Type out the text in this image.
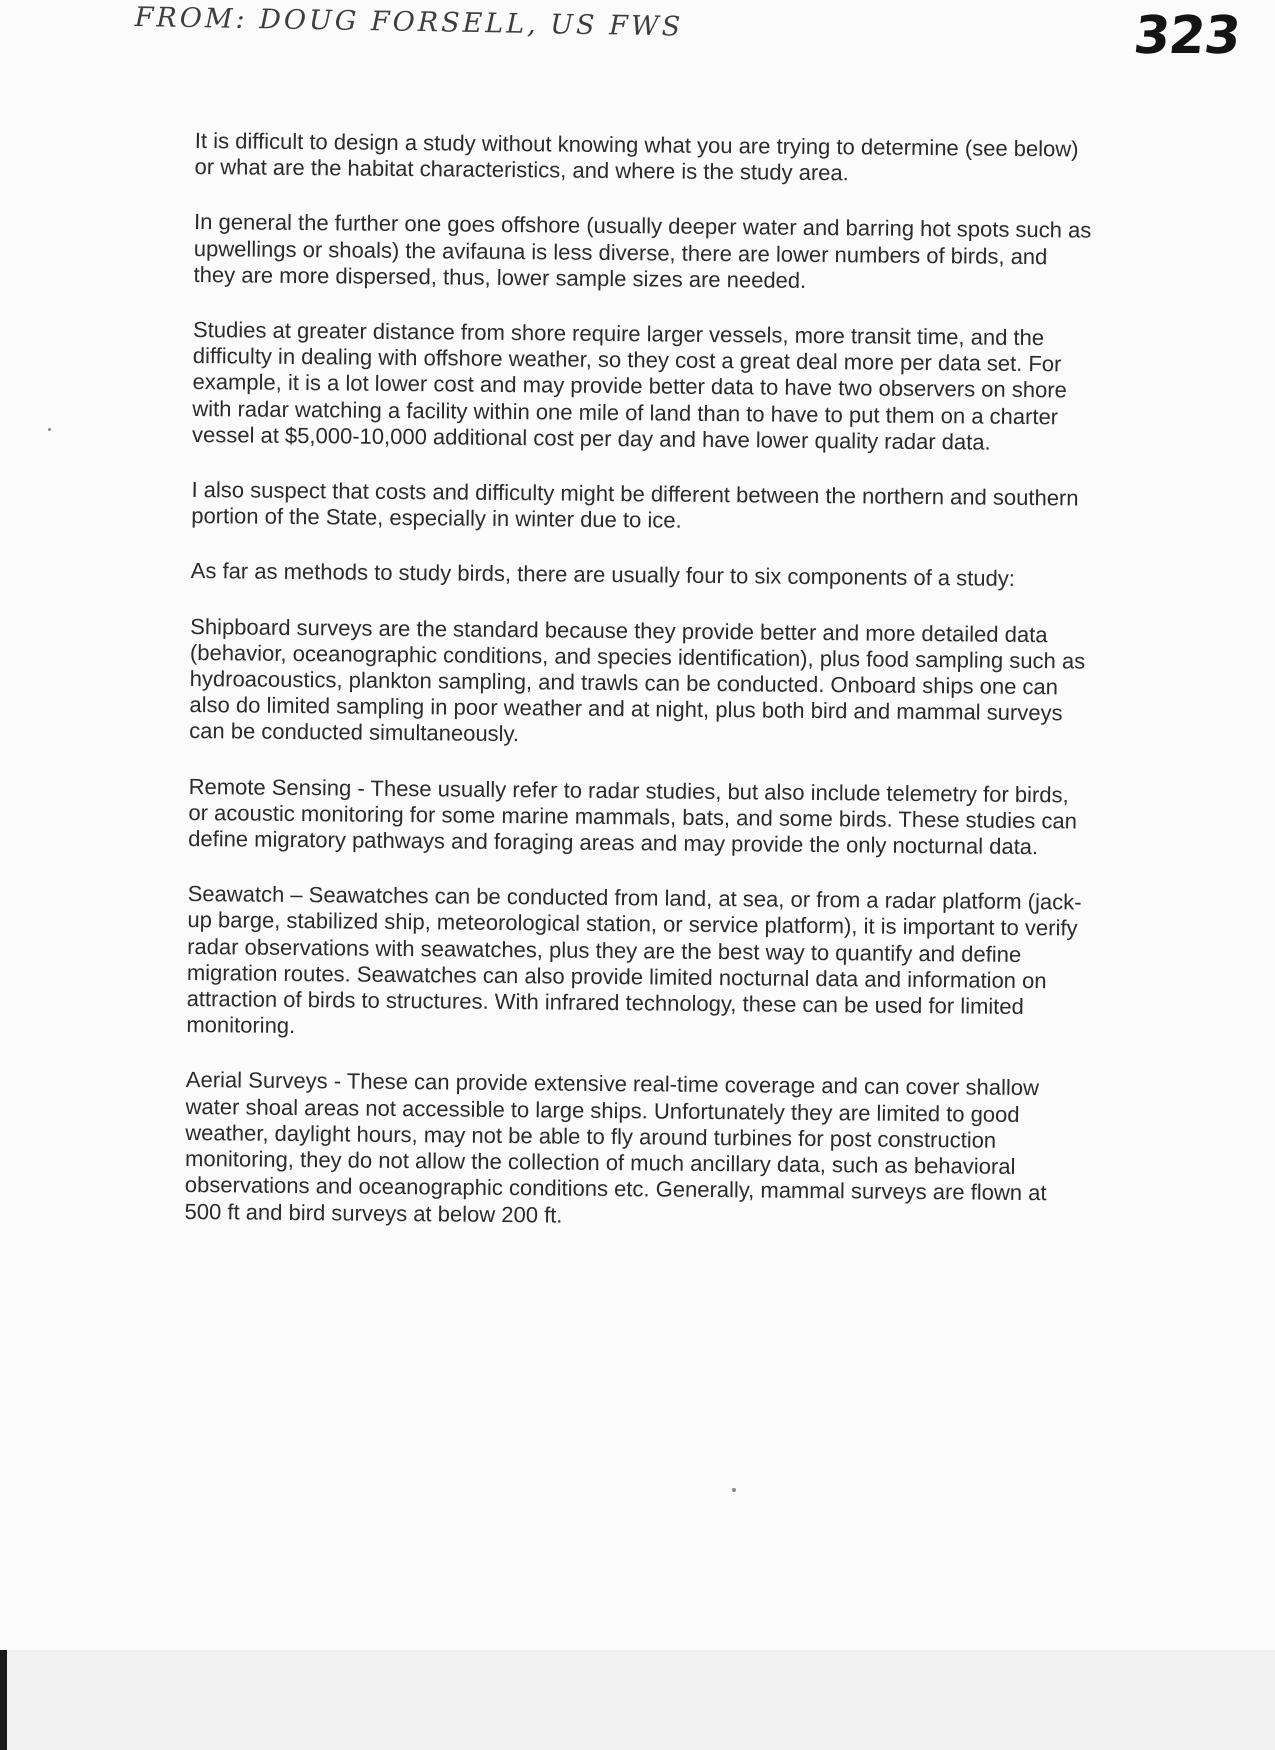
FROM: DOUG FORSELL, US FWS	323

It is difficult to design a study without knowing what you are trying to determine (see below) or what are the habitat characteristics, and where is the study area.

In general the further one goes offshore (usually deeper water and barring hot spots such as upwellings or shoals) the avifauna is less diverse, there are lower numbers of birds, and they are more dispersed, thus, lower sample sizes are needed.

Studies at greater distance from shore require larger vessels, more transit time, and the difficulty in dealing with offshore weather, so they cost a great deal more per data set. For example, it is a lot lower cost and may provide better data to have two observers on shore with radar watching a facility within one mile of land than to have to put them on a charter vessel at $5,000-10,000 additional cost per day and have lower quality radar data.

I also suspect that costs and difficulty might be different between the northern and southern portion of the State, especially in winter due to ice.

As far as methods to study birds, there are usually four to six components of a study:

Shipboard surveys are the standard because they provide better and more detailed data (behavior, oceanographic conditions, and species identification), plus food sampling such as hydroacoustics, plankton sampling, and trawls can be conducted. Onboard ships one can also do limited sampling in poor weather and at night, plus both bird and mammal surveys can be conducted simultaneously.

Remote Sensing - These usually refer to radar studies, but also include telemetry for birds, or acoustic monitoring for some marine mammals, bats, and some birds. These studies can define migratory pathways and foraging areas and may provide the only nocturnal data.

Seawatch – Seawatches can be conducted from land, at sea, or from a radar platform (jack-up barge, stabilized ship, meteorological station, or service platform), it is important to verify radar observations with seawatches, plus they are the best way to quantify and define migration routes. Seawatches can also provide limited nocturnal data and information on attraction of birds to structures. With infrared technology, these can be used for limited monitoring.

Aerial Surveys - These can provide extensive real-time coverage and can cover shallow water shoal areas not accessible to large ships. Unfortunately they are limited to good weather, daylight hours, may not be able to fly around turbines for post construction monitoring, they do not allow the collection of much ancillary data, such as behavioral observations and oceanographic conditions etc. Generally, mammal surveys are flown at 500 ft and bird surveys at below 200 ft.
